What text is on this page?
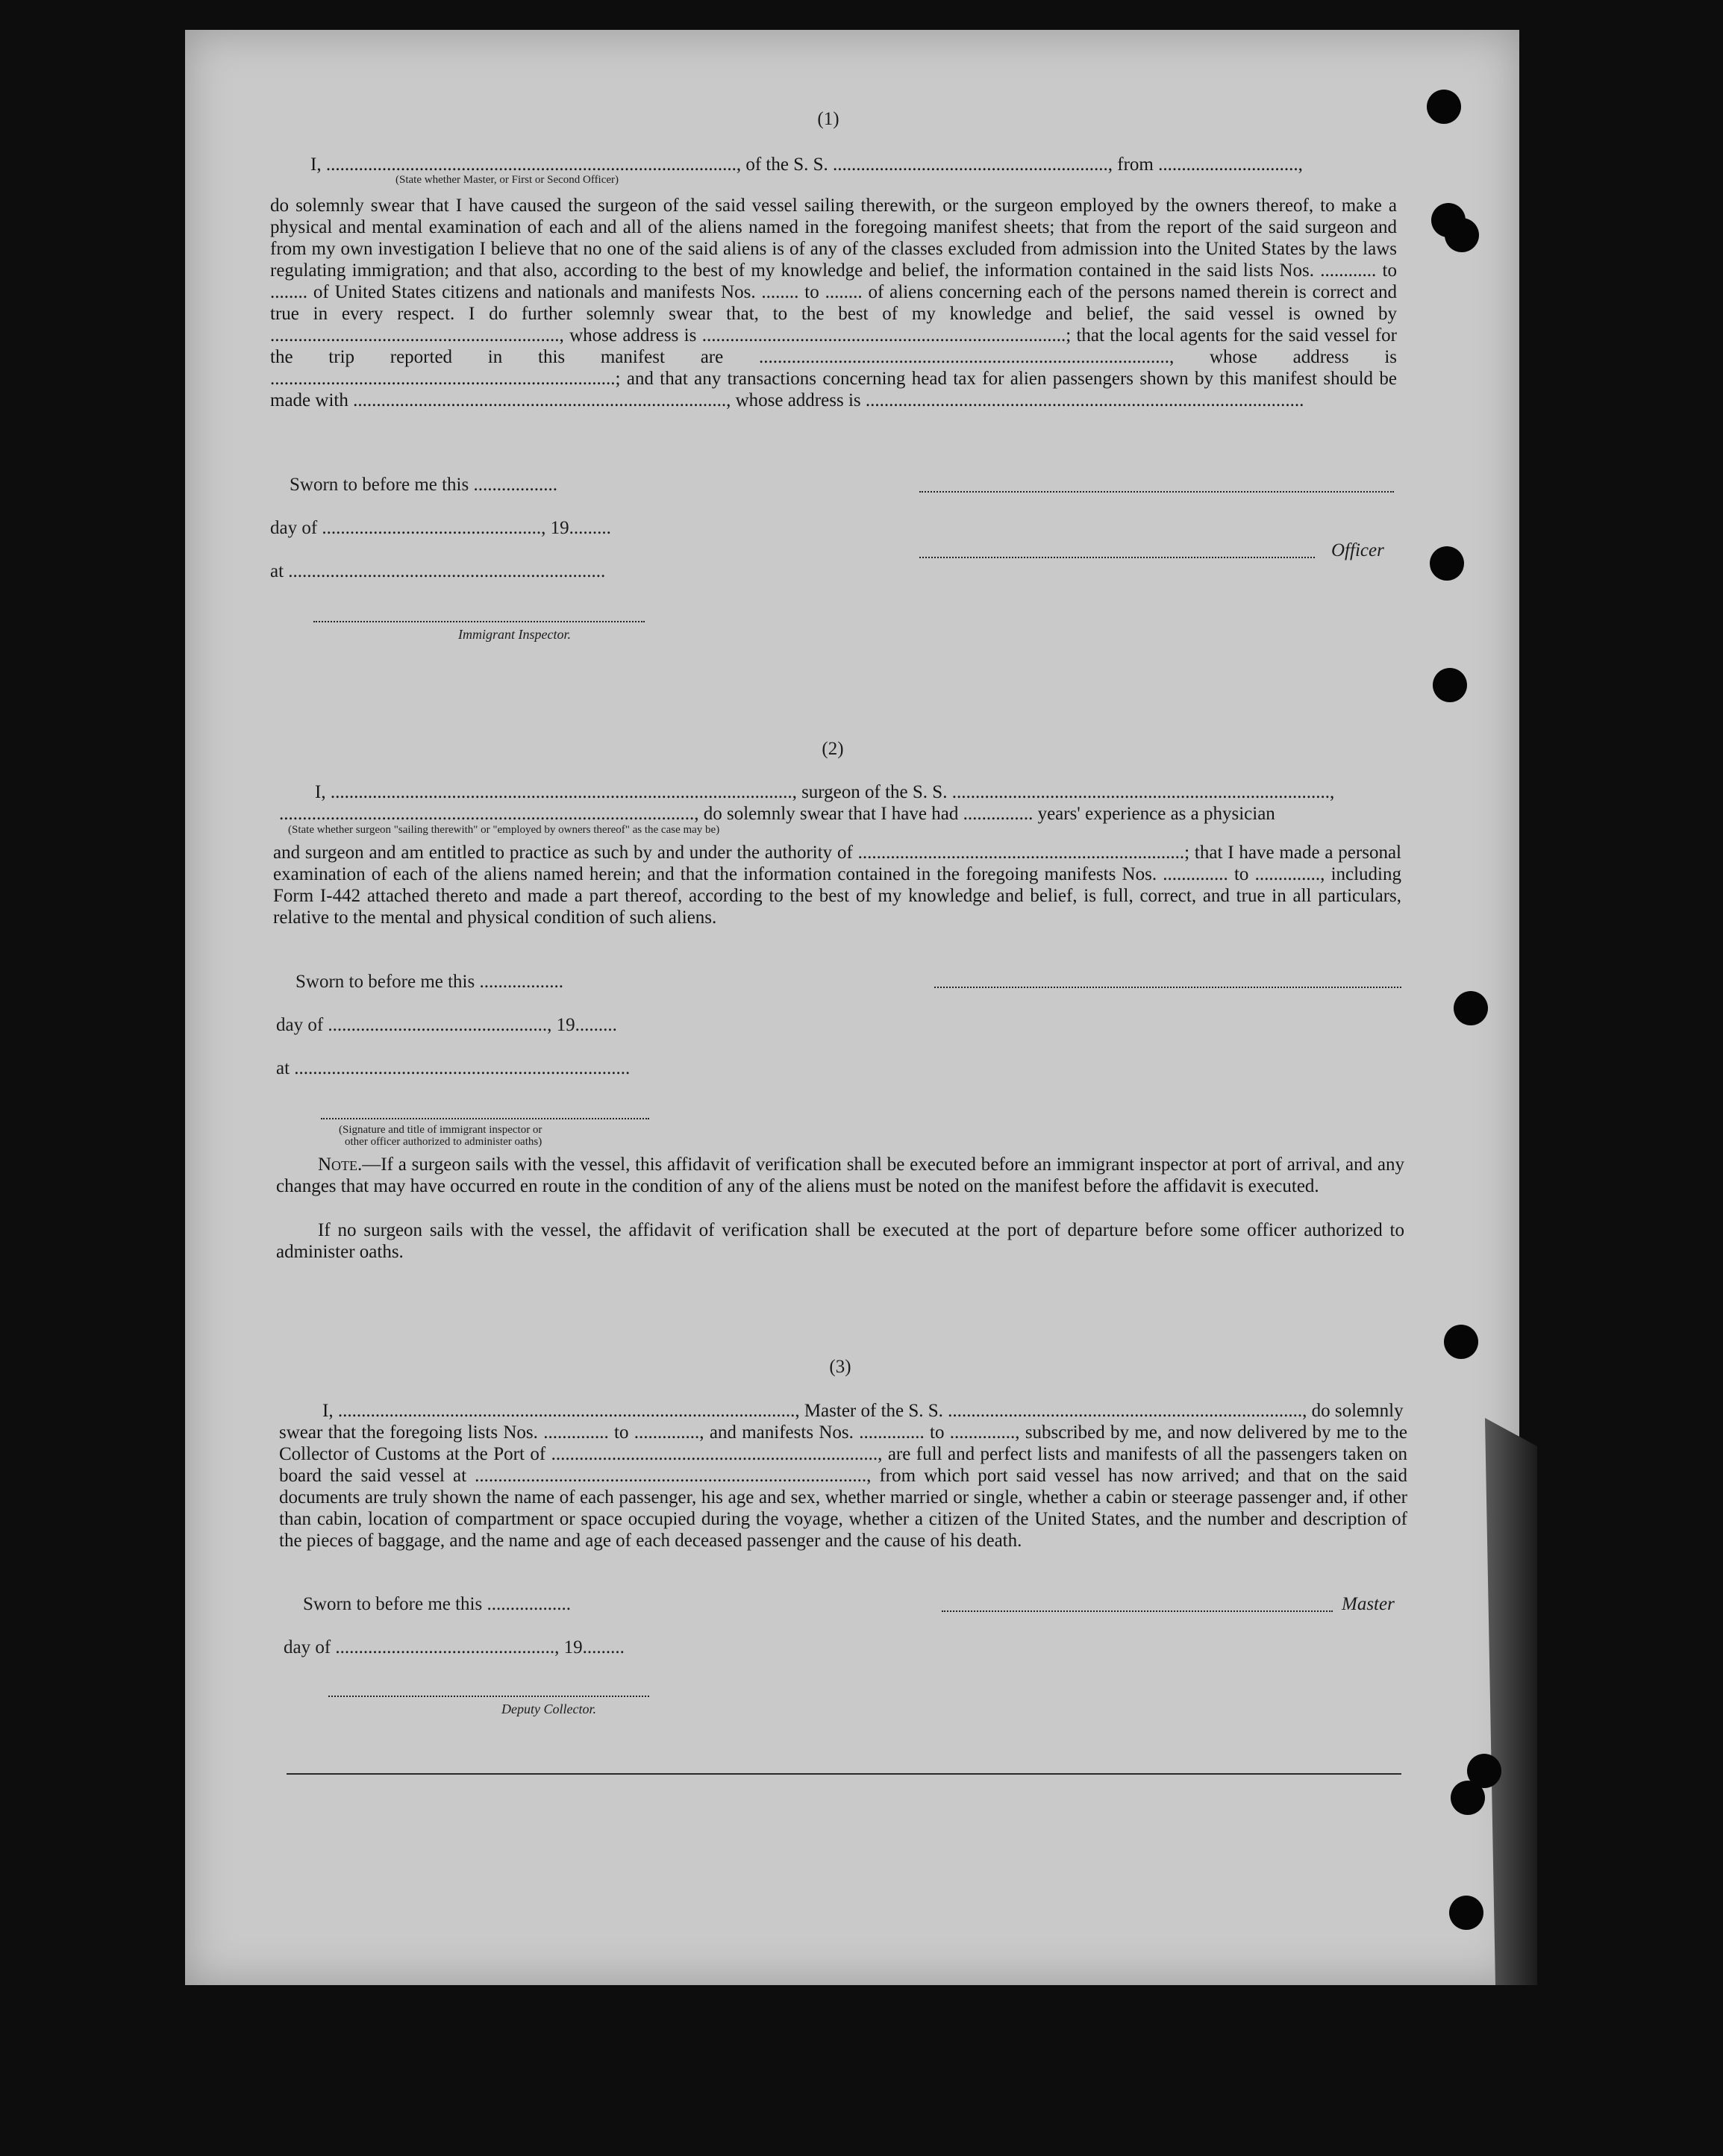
(1)
I, ........................................................................................, of the S. S. ..........................................................., from ..............................,
(State whether Master, or First or Second Officer)
do solemnly swear that I have caused the surgeon of the said vessel sailing therewith, or the surgeon employed by the owners thereof, to make a physical and mental examination of each and all of the aliens named in the foregoing manifest sheets; that from the report of the said surgeon and from my own investigation I believe that no one of the said aliens is of any of the classes excluded from admission into the United States by the laws regulating immigration; and that also, according to the best of my knowledge and belief, the information contained in the said lists Nos. ............ to ........ of United States citizens and nationals and manifests Nos. ........ to ........ of aliens concerning each of the persons named therein is correct and true in every respect. I do further solemnly swear that, to the best of my knowledge and belief, the said vessel is owned by .............................................................., whose address is ..............................................................................; that the local agents for the said vessel for the trip reported in this manifest are ........................................................................................, whose address is ..........................................................................; and that any transactions concerning head tax for alien passengers shown by this manifest should be made with ................................................................................, whose address is ..............................................................................................
Sworn to before me this ..................
day of ..............................................., 19.........
Officer
at ....................................................................
Immigrant Inspector.
(2)
I, ..................................................................................................., surgeon of the S. S. .................................................................................,
........................................................................................., do solemnly swear that I have had ............... years' experience as a physician
(State whether surgeon "sailing therewith" or "employed by owners thereof" as the case may be)
and surgeon and am entitled to practice as such by and under the authority of ......................................................................; that I have made a personal examination of each of the aliens named herein; and that the information contained in the foregoing manifests Nos. .............. to .............., including Form I-442 attached thereto and made a part thereof, according to the best of my knowledge and belief, is full, correct, and true in all particulars, relative to the mental and physical condition of such aliens.
Sworn to before me this ..................
day of ..............................................., 19.........
at ........................................................................
(Signature and title of immigrant inspector or
other officer authorized to administer oaths)
Note.—If a surgeon sails with the vessel, this affidavit of verification shall be executed before an immigrant inspector at port of arrival, and any changes that may have occurred en route in the condition of any of the aliens must be noted on the manifest before the affidavit is executed.
If no surgeon sails with the vessel, the affidavit of verification shall be executed at the port of departure before some officer authorized to administer oaths.
(3)
I, .................................................................................................., Master of the S. S. ............................................................................, do solemnly
swear that the foregoing lists Nos. .............. to .............., and manifests Nos. .............. to .............., subscribed by me, and now delivered by me to the Collector of Customs at the Port of ......................................................................, are full and perfect lists and manifests of all the passengers taken on board the said vessel at ...................................................................................., from which port said vessel has now arrived; and that on the said documents are truly shown the name of each passenger, his age and sex, whether married or single, whether a cabin or steerage passenger and, if other than cabin, location of compartment or space occupied during the voyage, whether a citizen of the United States, and the number and description of the pieces of baggage, and the name and age of each deceased passenger and the cause of his death.
Sworn to before me this ..................	Master
day of ..............................................., 19.........
Deputy Collector.
